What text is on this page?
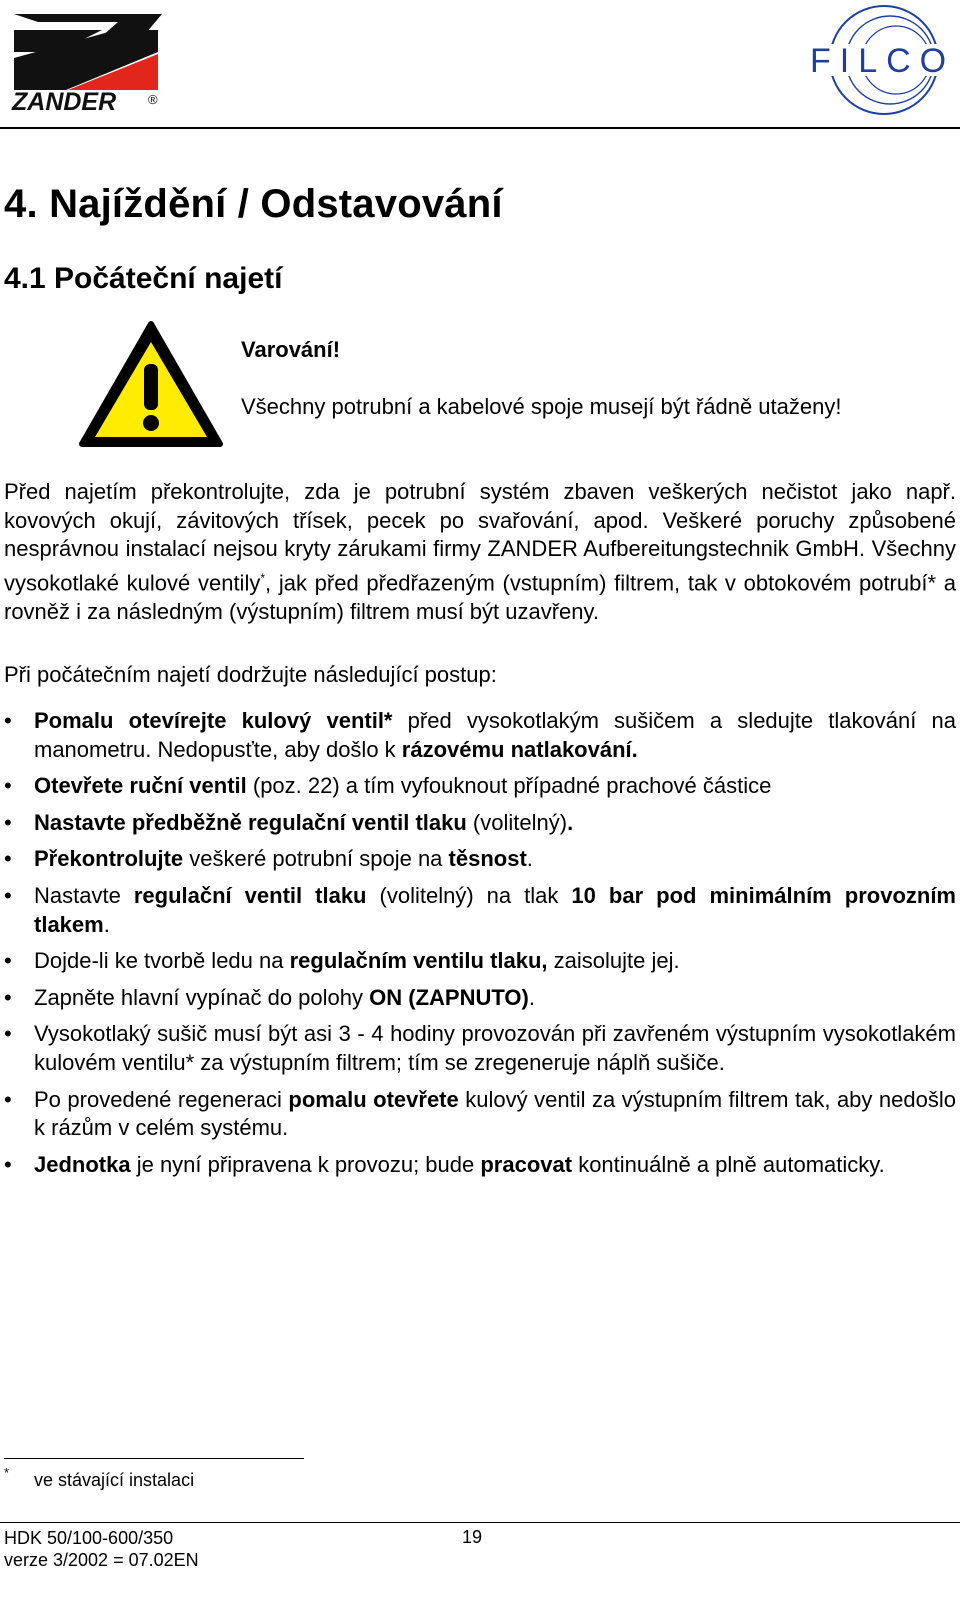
ZANDER ®
FILCO
4. Najíždění / Odstavování
4.1 Počáteční najetí
Varování!
Všechny potrubní a kabelové spoje musejí být řádně utaženy!
Před najetím překontrolujte, zda je potrubní systém zbaven veškerých nečistot jako např. kovových okují, závitových třísek, pecek po svařování, apod. Veškeré poruchy způsobené nesprávnou instalací nejsou kryty zárukami firmy ZANDER Aufbereitungstechnik GmbH. Všechny vysokotlaké kulové ventily*, jak před předřazeným (vstupním) filtrem, tak v obtokovém potrubí* a rovněž i za následným (výstupním) filtrem musí být uzavřeny.
Při počátečním najetí dodržujte následující postup:
• Pomalu otevírejte kulový ventil* před vysokotlakým sušičem a sledujte tlakování na manometru. Nedopusťte, aby došlo k rázovému natlakování.
• Otevřete ruční ventil (poz. 22) a tím vyfouknout případné prachové částice
• Nastavte předběžně regulační ventil tlaku (volitelný).
• Překontrolujte veškeré potrubní spoje na těsnost.
• Nastavte regulační ventil tlaku (volitelný) na tlak 10 bar pod minimálním provozním tlakem.
• Dojde-li ke tvorbě ledu na regulačním ventilu tlaku, zaisolujte jej.
• Zapněte hlavní vypínač do polohy ON (ZAPNUTO).
• Vysokotlaký sušič musí být asi 3 - 4 hodiny provozován při zavřeném výstupním vysokotlakém kulovém ventilu* za výstupním filtrem; tím se zregeneruje náplň sušiče.
• Po provedené regeneraci pomalu otevřete kulový ventil za výstupním filtrem tak, aby nedošlo k rázům v celém systému.
• Jednotka je nyní připravena k provozu; bude pracovat kontinuálně a plně automaticky.
* ve stávající instalaci
HDK 50/100-600/350
verze 3/2002 = 07.02EN
19
